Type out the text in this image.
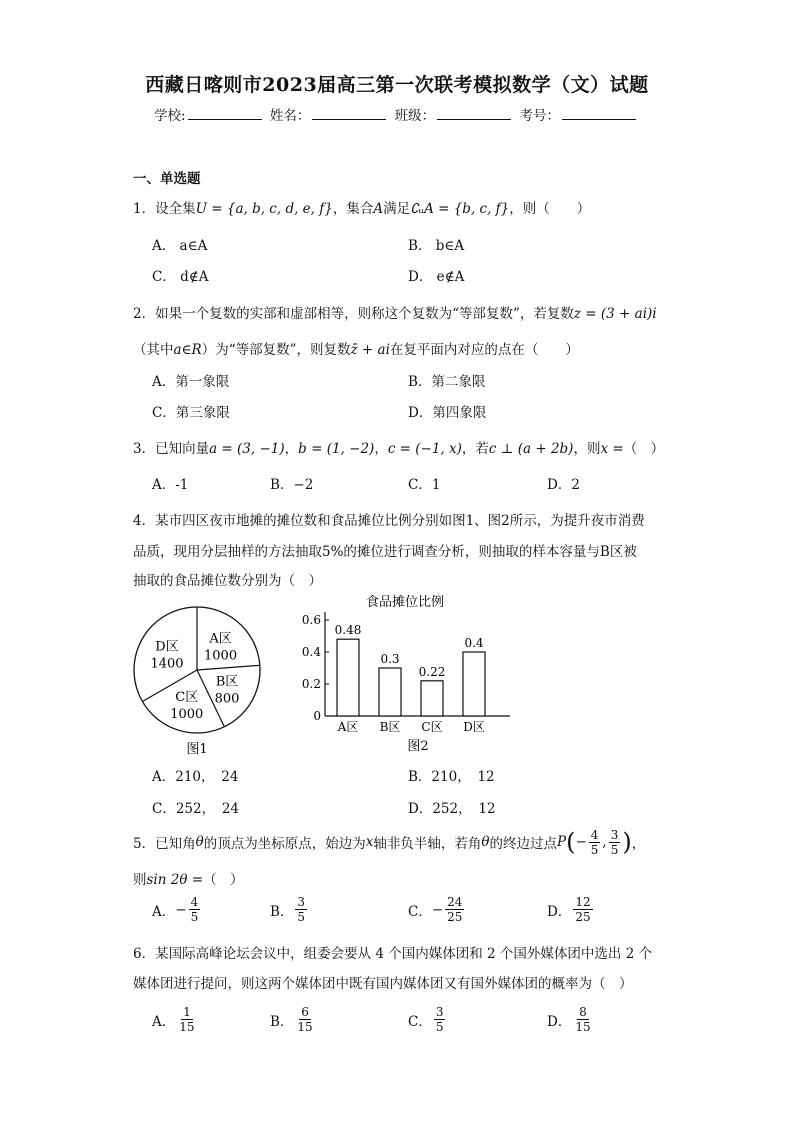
西藏日喀则市2023届高三第一次联考模拟数学（文）试题
学校:	姓名：	班级：	考号：
一、单选题
1．设全集U = {a, b, c, d, e, f}，集合A满足∁ᵤA = {b, c, f}，则（　　）
A． a∈A	B． b∈A
C． d∉A	D． e∉A
2．如果一个复数的实部和虚部相等，则称这个复数为“等部复数”，若复数z = (3 + ai)i
（其中a∈R）为“等部复数”，则复数z̄ + ai在复平面内对应的点在（　　）
A．第一象限	B．第二象限
C．第三象限	D．第四象限
3．已知向量a = (3, −1)，b = (1, −2)，c = (−1, x)，若c ⊥ (a + 2b)，则x =（　）
A．-1	B．−2	C．1	D．2
4．某市四区夜市地摊的摊位数和食品摊位比例分别如图1、图2所示，为提升夜市消费
品质，现用分层抽样的方法抽取5%的摊位进行调查分析，则抽取的样本容量与B区被
抽取的食品摊位数分别为（　）
A区
1000
B区
800
C区
1000
D区
1400
图1
食品摊位比例
0
0.2
0.4
0.6
0.48
A区
0.3
B区
0.22
C区
0.4
D区
图2
A．210，　24	B．210，　12
C．252，　24	D．252，　12
5．已知角 θ 的顶点为坐标原点，始边为 x 轴非负半轴，若角 θ 的终边过点 P ( − $\frac{4}{5}$ , $\frac{3}{5}$ ) ，
则sin 2θ =（　）
A． − $\frac{4}{5}$	B． $\frac{3}{5}$	C． − $\frac{24}{25}$	D． $\frac{12}{25}$
6．某国际高峰论坛会议中，组委会要从 4 个国内媒体团和 2 个国外媒体团中选出 2 个
媒体团进行提问，则这两个媒体团中既有国内媒体团又有国外媒体团的概率为（　）
A． $\frac{1}{15}$	B． $\frac{6}{15}$	C． $\frac{3}{5}$	D． $\frac{8}{15}$
